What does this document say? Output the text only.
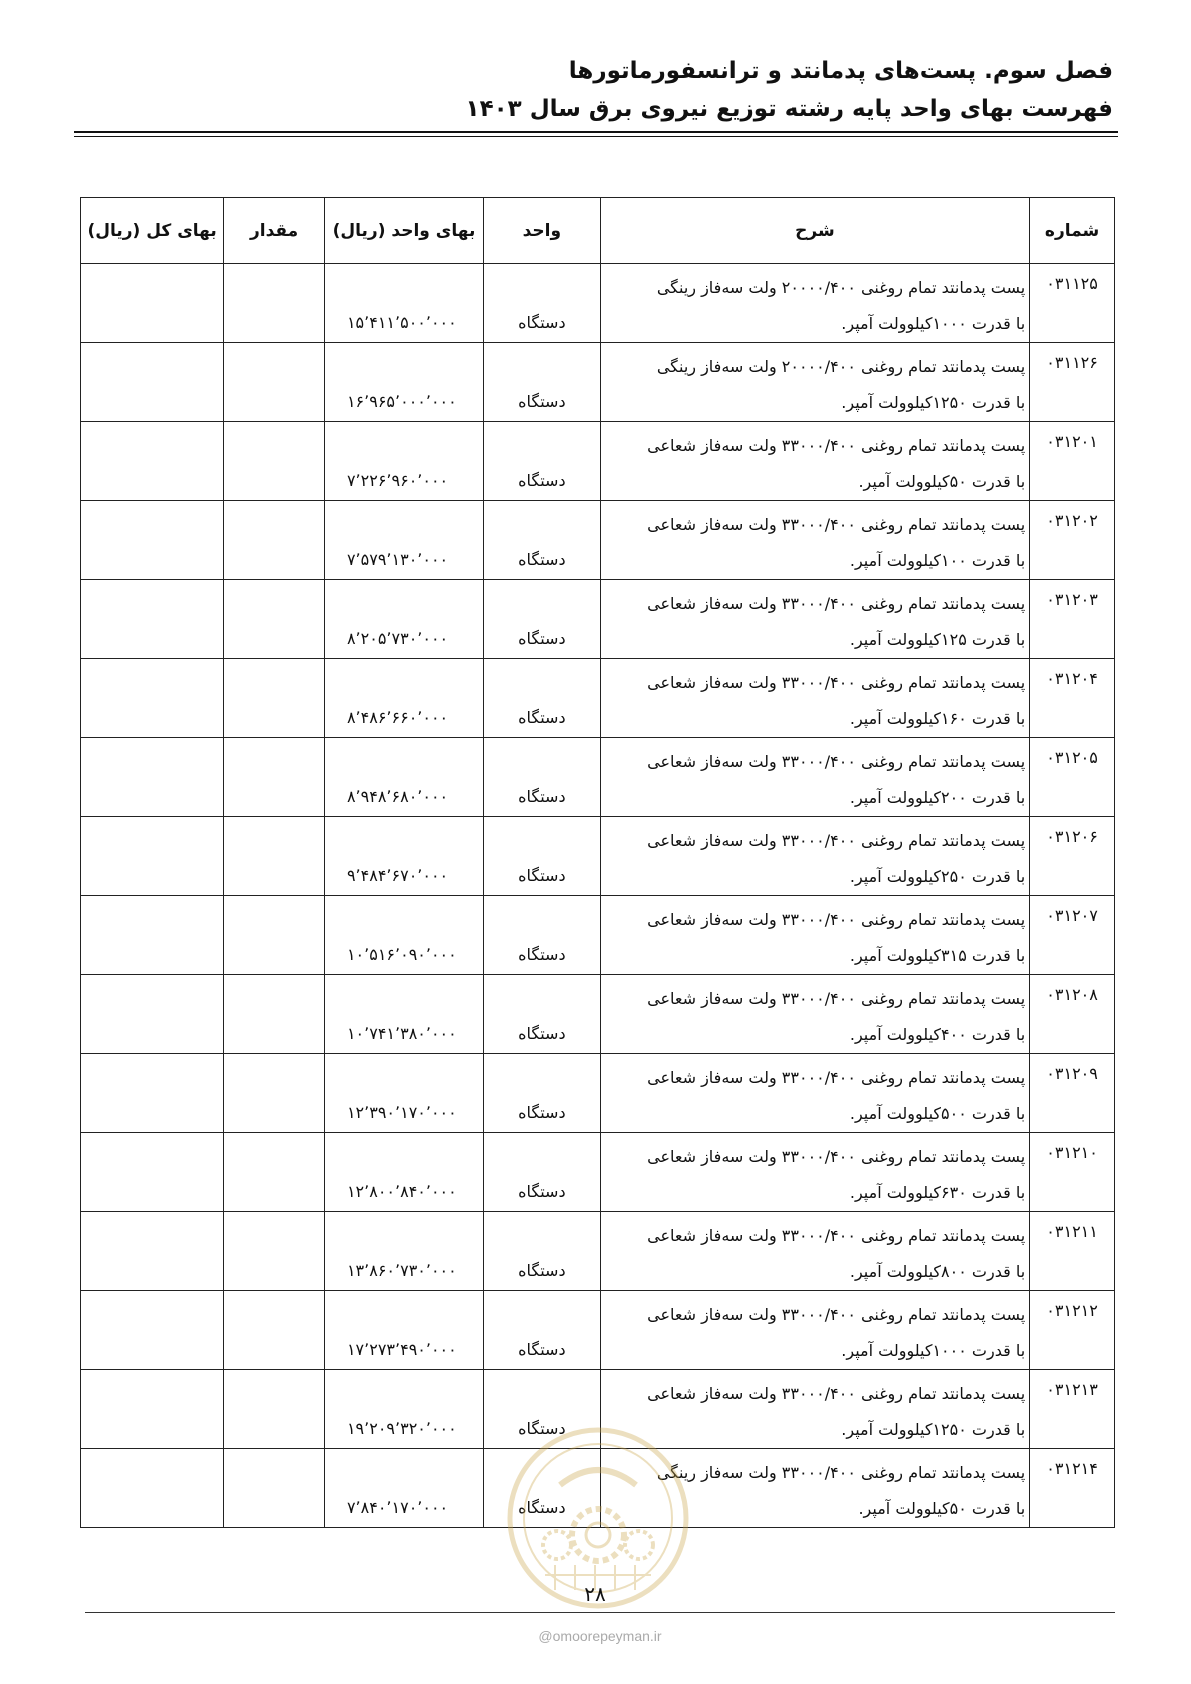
فصل سوم. پست‌های پدمانتد و ترانسفورماتورها
فهرست بهای واحد پایه رشته توزیع نیروی برق سال ۱۴۰۳
شماره	شرح	واحد	بهای واحد (ریال)	مقدار	بهای کل (ریال)
۰۳۱۱۲۵	پست پدمانتد تمام روغنی ۲۰۰۰۰/۴۰۰ ولت سه‌فاز رینگی
با قدرت ۱۰۰۰کیلوولت آمپر.	دستگاه	۱۵٬۴۱۱٬۵۰۰٬۰۰۰		
۰۳۱۱۲۶	پست پدمانتد تمام روغنی ۲۰۰۰۰/۴۰۰ ولت سه‌فاز رینگی
با قدرت ۱۲۵۰کیلوولت آمپر.	دستگاه	۱۶٬۹۶۵٬۰۰۰٬۰۰۰		
۰۳۱۲۰۱	پست پدمانتد تمام روغنی ۳۳۰۰۰/۴۰۰ ولت سه‌فاز شعاعی
با قدرت ۵۰کیلوولت آمپر.	دستگاه	۷٬۲۲۶٬۹۶۰٬۰۰۰		
۰۳۱۲۰۲	پست پدمانتد تمام روغنی ۳۳۰۰۰/۴۰۰ ولت سه‌فاز شعاعی
با قدرت ۱۰۰کیلوولت آمپر.	دستگاه	۷٬۵۷۹٬۱۳۰٬۰۰۰		
۰۳۱۲۰۳	پست پدمانتد تمام روغنی ۳۳۰۰۰/۴۰۰ ولت سه‌فاز شعاعی
با قدرت ۱۲۵کیلوولت آمپر.	دستگاه	۸٬۲۰۵٬۷۳۰٬۰۰۰		
۰۳۱۲۰۴	پست پدمانتد تمام روغنی ۳۳۰۰۰/۴۰۰ ولت سه‌فاز شعاعی
با قدرت ۱۶۰کیلوولت آمپر.	دستگاه	۸٬۴۸۶٬۶۶۰٬۰۰۰		
۰۳۱۲۰۵	پست پدمانتد تمام روغنی ۳۳۰۰۰/۴۰۰ ولت سه‌فاز شعاعی
با قدرت ۲۰۰کیلوولت آمپر.	دستگاه	۸٬۹۴۸٬۶۸۰٬۰۰۰		
۰۳۱۲۰۶	پست پدمانتد تمام روغنی ۳۳۰۰۰/۴۰۰ ولت سه‌فاز شعاعی
با قدرت ۲۵۰کیلوولت آمپر.	دستگاه	۹٬۴۸۴٬۶۷۰٬۰۰۰		
۰۳۱۲۰۷	پست پدمانتد تمام روغنی ۳۳۰۰۰/۴۰۰ ولت سه‌فاز شعاعی
با قدرت ۳۱۵کیلوولت آمپر.	دستگاه	۱۰٬۵۱۶٬۰۹۰٬۰۰۰		
۰۳۱۲۰۸	پست پدمانتد تمام روغنی ۳۳۰۰۰/۴۰۰ ولت سه‌فاز شعاعی
با قدرت ۴۰۰کیلوولت آمپر.	دستگاه	۱۰٬۷۴۱٬۳۸۰٬۰۰۰		
۰۳۱۲۰۹	پست پدمانتد تمام روغنی ۳۳۰۰۰/۴۰۰ ولت سه‌فاز شعاعی
با قدرت ۵۰۰کیلوولت آمپر.	دستگاه	۱۲٬۳۹۰٬۱۷۰٬۰۰۰		
۰۳۱۲۱۰	پست پدمانتد تمام روغنی ۳۳۰۰۰/۴۰۰ ولت سه‌فاز شعاعی
با قدرت ۶۳۰کیلوولت آمپر.	دستگاه	۱۲٬۸۰۰٬۸۴۰٬۰۰۰		
۰۳۱۲۱۱	پست پدمانتد تمام روغنی ۳۳۰۰۰/۴۰۰ ولت سه‌فاز شعاعی
با قدرت ۸۰۰کیلوولت آمپر.	دستگاه	۱۳٬۸۶۰٬۷۳۰٬۰۰۰		
۰۳۱۲۱۲	پست پدمانتد تمام روغنی ۳۳۰۰۰/۴۰۰ ولت سه‌فاز شعاعی
با قدرت ۱۰۰۰کیلوولت آمپر.	دستگاه	۱۷٬۲۷۳٬۴۹۰٬۰۰۰		
۰۳۱۲۱۳	پست پدمانتد تمام روغنی ۳۳۰۰۰/۴۰۰ ولت سه‌فاز شعاعی
با قدرت ۱۲۵۰کیلوولت آمپر.	دستگاه	۱۹٬۲۰۹٬۳۲۰٬۰۰۰		
۰۳۱۲۱۴	پست پدمانتد تمام روغنی ۳۳۰۰۰/۴۰۰ ولت سه‌فاز رینگی
با قدرت ۵۰کیلوولت آمپر.	دستگاه	۷٬۸۴۰٬۱۷۰٬۰۰۰		
۲۸
@omoorepeyman.ir
